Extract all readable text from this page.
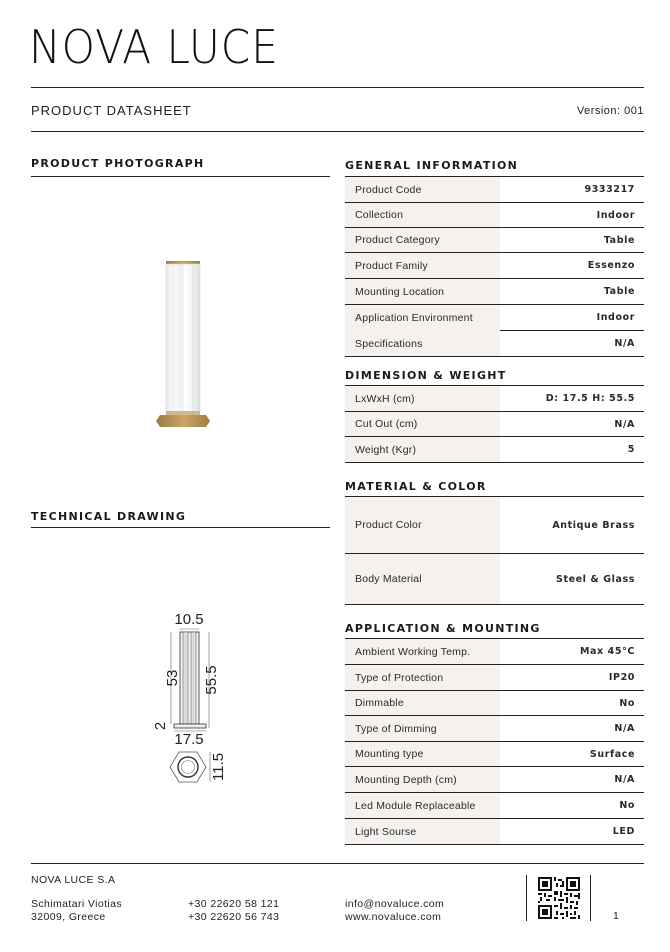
NOVA LUCE
PRODUCT DATASHEET	Version: 001
PRODUCT PHOTOGRAPH
TECHNICAL DRAWING
10.5
53 55.5
2
17.5
11.5
GENERAL INFORMATION
Product Code	9333217
Collection	Indoor
Product Category	Table
Product Family	Essenzo
Mounting Location	Table
Application Environment	Indoor
Specifications	N/A
DIMENSION & WEIGHT
LxWxH (cm)	D: 17.5 H: 55.5
Cut Out (cm)	N/A
Weight (Kgr)	5
MATERIAL & COLOR
Product Color	Antique Brass
Body Material	Steel & Glass
APPLICATION & MOUNTING
Ambient Working Temp.	Max 45°C
Type of Protection	IP20
Dimmable	No
Type of Dimming	N/A
Mounting type	Surface
Mounting Depth (cm)	N/A
Led Module Replaceable	No
Light Sourse	LED
NOVA LUCE S.A
Schimatari Viotias
32009, Greece
+30 22620 58 121
+30 22620 56 743
info@novaluce.com
www.novaluce.com	1
